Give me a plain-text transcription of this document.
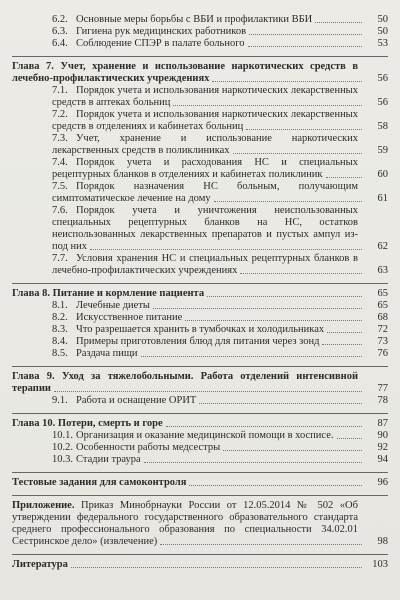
6.2. Основные меры борьбы с ВБИ и профилактики ВБИ	50
6.3. Гигиена рук медицинских работников	50
6.4. Соблюдение СПЭР в палате больного	53
Глава 7. Учет, хранение и использование наркотических средств в лечебно-профилактических учреждениях	56
7.1. Порядок учета и использования наркотических лекарственных средств в аптеках больниц	56
7.2. Порядок учета и использования наркотических лекарственных средств в отделениях и кабинетах больниц	58
7.3. Учет, хранение и использование наркотических лекарственных средств в поликлиниках	59
7.4. Порядок учета и расходования НС и специальных рецептурных бланков в отделениях и кабинетах поликлиник	60
7.5. Порядок назначения НС больным, получающим симптоматическое лечение на дому	61
7.6. Порядок учета и уничтожения неиспользованных специальных рецептурных бланков на НС, остатков неиспользованных лекарственных препаратов и пустых ампул из-под них	62
7.7. Условия хранения НС и специальных рецептурных бланков в лечебно-профилактических учреждениях	63
Глава 8. Питание и кормление пациента	65
8.1. Лечебные диеты	65
8.2. Искусственное питание	68
8.3. Что разрешается хранить в тумбочках и холодильниках	72
8.4. Примеры приготовления блюд для питания через зонд	73
8.5. Раздача пищи	76
Глава 9. Уход за тяжелобольными. Работа отделений интенсивной терапии	77
9.1. Работа и оснащение ОРИТ	78
Глава 10. Потери, смерть и горе	87
10.1. Организация и оказание медицинской помощи в хосписе.	90
10.2. Особенности работы медсестры	92
10.3. Стадии траура	94
Тестовые задания для самоконтроля	96
Приложение. Приказ Минобрнауки России от 12.05.2014 № 502 «Об утверждении федерального государственного образовательного стандарта среднего профессионального образования по специальности 34.02.01 Сестринское дело» (извлечение)	98
Литература	103
